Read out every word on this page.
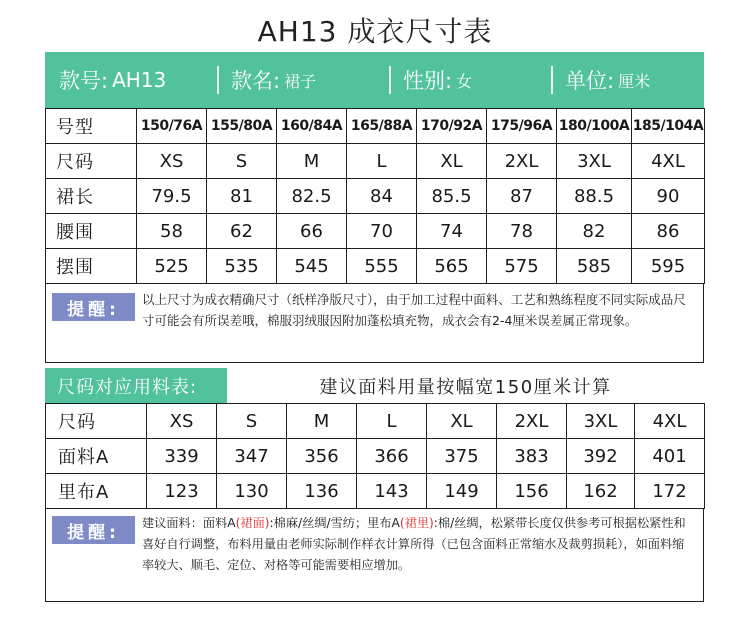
AH13 成衣尺寸表
款号: AH13	款名: 裙子	性别: 女	单位: 厘米
号型	150/76A	155/80A	160/84A	165/88A	170/92A	175/96A	180/100A	185/104A
尺码	XS	S	M	L	XL	2XL	3XL	4XL
裙长	79.5	81	82.5	84	85.5	87	88.5	90
腰围	58	62	66	70	74	78	82	86
摆围	525	535	545	555	565	575	585	595
提醒:	以上尺寸为成衣精确尺寸（纸样净版尺寸），由于加工过程中面料、工艺和熟练程度不同实际成品尺寸可能会有所误差哦，棉服羽绒服因附加蓬松填充物，成衣会有2-4厘米误差属正常现象。
尺码对应用料表:	建议面料用量按幅宽150厘米计算
尺码	XS	S	M	L	XL	2XL	3XL	4XL
面料A	339	347	356	366	375	383	392	401
里布A	123	130	136	143	149	156	162	172
提醒:	建议面料：面料A(裙面):棉麻/丝绸/雪纺；里布A(裙里):棉/丝绸，松紧带长度仅供参考可根据松紧性和喜好自行调整，布料用量由老师实际制作样衣计算所得（已包含面料正常缩水及裁剪损耗），如面料缩率较大、顺毛、定位、对格等可能需要相应增加。
